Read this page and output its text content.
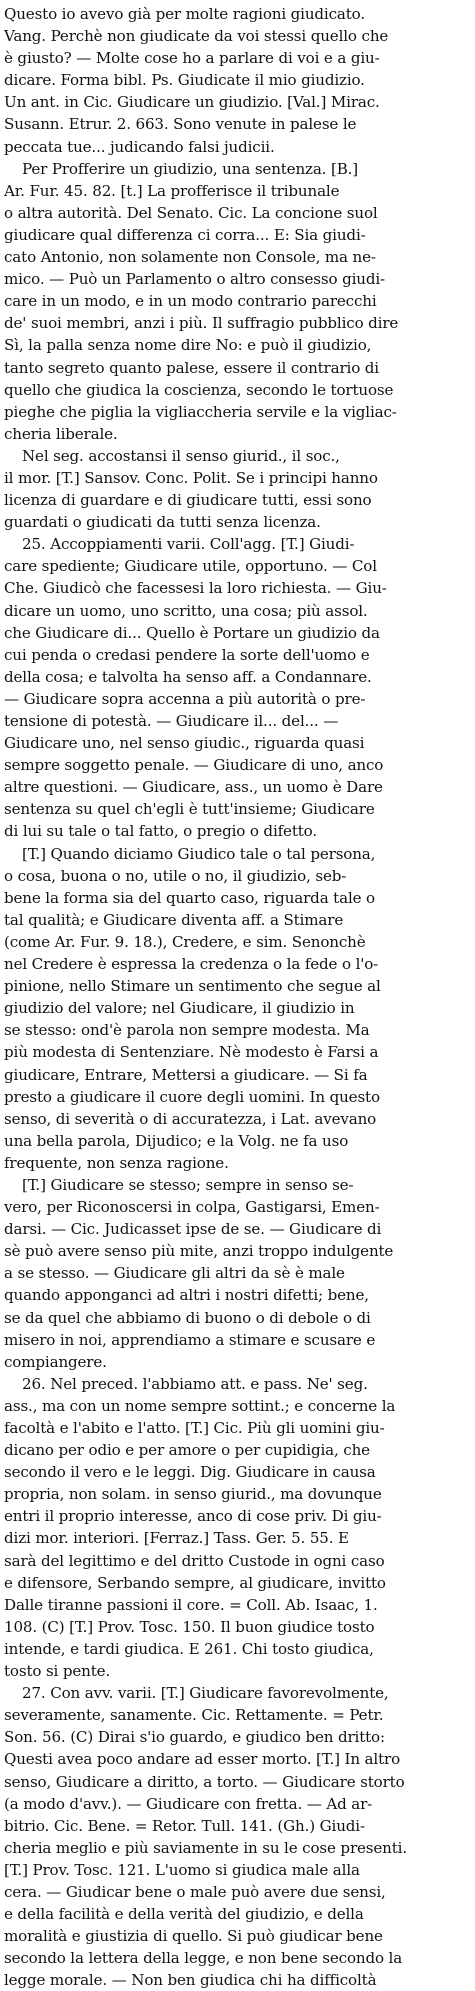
Questo io avevo già per molte ragioni giudicato.
Vang. Perchè non giudicate da voi stessi quello che
è giusto? — Molte cose ho a parlare di voi e a giu-
dicare. Forma bibl. Ps. Giudicate il mio giudizio.
Un ant. in Cic. Giudicare un giudizio. [Val.] Mirac.
Susann. Etrur. 2. 663. Sono venute in palese le
peccata tue... judicando falsi judicii.
Per Profferire un giudizio, una sentenza. [B.]
Ar. Fur. 45. 82. [t.] La profferisce il tribunale
o altra autorità. Del Senato. Cic. La concione suol
giudicare qual differenza ci corra... E: Sia giudi-
cato Antonio, non solamente non Console, ma ne-
mico. — Può un Parlamento o altro consesso giudi-
care in un modo, e in un modo contrario parecchi
de' suoi membri, anzi i più. Il suffragio pubblico dire
Sì, la palla senza nome dire No: e può il giudizio,
tanto segreto quanto palese, essere il contrario di
quello che giudica la coscienza, secondo le tortuose
pieghe che piglia la vigliaccheria servile e la vigliac-
cheria liberale.
Nel seg. accostansi il senso giurid., il soc.,
il mor. [T.] Sansov. Conc. Polit. Se i principi hanno
licenza di guardare e di giudicare tutti, essi sono
guardati o giudicati da tutti senza licenza.
25. Accoppiamenti varii. Coll'agg. [T.] Giudi-
care spediente; Giudicare utile, opportuno. — Col
Che. Giudicò che facessesi la loro richiesta. — Giu-
dicare un uomo, uno scritto, una cosa; più assol.
che Giudicare di... Quello è Portare un giudizio da
cui penda o credasi pendere la sorte dell'uomo e
della cosa; e talvolta ha senso aff. a Condannare.
— Giudicare sopra accenna a più autorità o pre-
tensione di potestà. — Giudicare il... del... —
Giudicare uno, nel senso giudic., riguarda quasi
sempre soggetto penale. — Giudicare di uno, anco
altre questioni. — Giudicare, ass., un uomo è Dare
sentenza su quel ch'egli è tutt'insieme; Giudicare
di lui su tale o tal fatto, o pregio o difetto.
[T.] Quando diciamo Giudico tale o tal persona,
o cosa, buona o no, utile o no, il giudizio, seb-
bene la forma sia del quarto caso, riguarda tale o
tal qualità; e Giudicare diventa aff. a Stimare
(come Ar. Fur. 9. 18.), Credere, e sim. Senonchè
nel Credere è espressa la credenza o la fede o l'o-
pinione, nello Stimare un sentimento che segue al
giudizio del valore; nel Giudicare, il giudizio in
se stesso: ond'è parola non sempre modesta. Ma
più modesta di Sentenziare. Nè modesto è Farsi a
giudicare, Entrare, Mettersi a giudicare. — Si fa
presto a giudicare il cuore degli uomini. In questo
senso, di severità o di accuratezza, i Lat. avevano
una bella parola, Dijudico; e la Volg. ne fa uso
frequente, non senza ragione.
[T.] Giudicare se stesso; sempre in senso se-
vero, per Riconoscersi in colpa, Gastigarsi, Emen-
darsi. — Cic. Judicasset ipse de se. — Giudicare di
sè può avere senso più mite, anzi troppo indulgente
a se stesso. — Giudicare gli altri da sè è male
quando apponganci ad altri i nostri difetti; bene,
se da quel che abbiamo di buono o di debole o di
misero in noi, apprendiamo a stimare e scusare e
compiangere.
26. Nel preced. l'abbiamo att. e pass. Ne' seg.
ass., ma con un nome sempre sottint.; e concerne la
facoltà e l'abito e l'atto. [T.] Cic. Più gli uomini giu-
dicano per odio e per amore o per cupidigia, che
secondo il vero e le leggi. Dig. Giudicare in causa
propria, non solam. in senso giurid., ma dovunque
entri il proprio interesse, anco di cose priv. Di giu-
dizi mor. interiori. [Ferraz.] Tass. Ger. 5. 55. E
sarà del legittimo e del dritto Custode in ogni caso
e difensore, Serbando sempre, al giudicare, invitto
Dalle tiranne passioni il core. = Coll. Ab. Isaac, 1.
108. (C) [T.] Prov. Tosc. 150. Il buon giudice tosto
intende, e tardi giudica. E 261. Chi tosto giudica,
tosto si pente.
27. Con avv. varii. [T.] Giudicare favorevolmente,
severamente, sanamente. Cic. Rettamente. = Petr.
Son. 56. (C) Dirai s'io guardo, e giudico ben dritto:
Questi avea poco andare ad esser morto. [T.] In altro
senso, Giudicare a diritto, a torto. — Giudicare storto
(a modo d'avv.). — Giudicare con fretta. — Ad ar-
bitrio. Cic. Bene. = Retor. Tull. 141. (Gh.) Giudi-
cheria meglio e più saviamente in su le cose presenti.
[T.] Prov. Tosc. 121. L'uomo si giudica male alla
cera. — Giudicar bene o male può avere due sensi,
e della facilità e della verità del giudizio, e della
moralità e giustizia di quello. Si può giudicar bene
secondo la lettera della legge, e non bene secondo la
legge morale. — Non ben giudica chi ha difficoltà
